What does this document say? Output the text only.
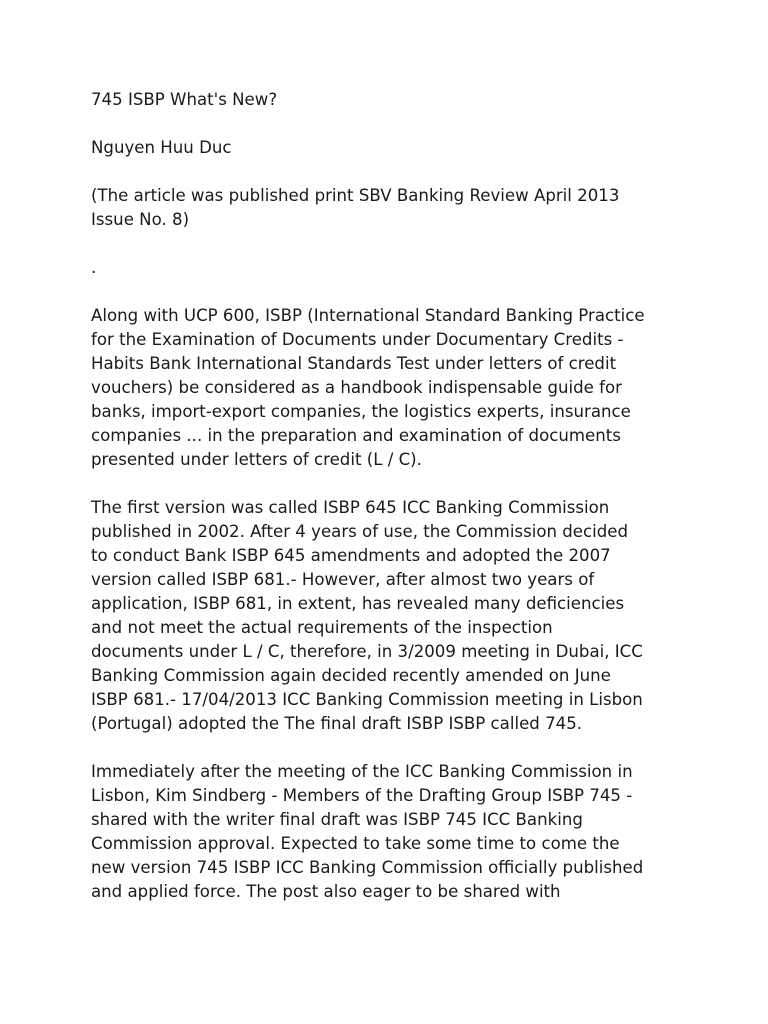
745 ISBP What's New?

Nguyen Huu Duc

(The article was published print SBV Banking Review April 2013
Issue No. 8)

.

Along with UCP 600, ISBP (International Standard Banking Practice
for the Examination of Documents under Documentary Credits -
Habits Bank International Standards Test under letters of credit
vouchers) be considered as a handbook indispensable guide for
banks, import-export companies, the logistics experts, insurance
companies ... in the preparation and examination of documents
presented under letters of credit (L / C).

The first version was called ISBP 645 ICC Banking Commission
published in 2002. After 4 years of use, the Commission decided
to conduct Bank ISBP 645 amendments and adopted the 2007
version called ISBP 681.- However, after almost two years of
application, ISBP 681, in extent, has revealed many deficiencies
and not meet the actual requirements of the inspection
documents under L / C, therefore, in 3/2009 meeting in Dubai, ICC
Banking Commission again decided recently amended on June
ISBP 681.- 17/04/2013 ICC Banking Commission meeting in Lisbon
(Portugal) adopted the The final draft ISBP ISBP called 745.

Immediately after the meeting of the ICC Banking Commission in
Lisbon, Kim Sindberg - Members of the Drafting Group ISBP 745 -
shared with the writer final draft was ISBP 745 ICC Banking
Commission approval. Expected to take some time to come the
new version 745 ISBP ICC Banking Commission officially published
and applied force. The post also eager to be shared with
